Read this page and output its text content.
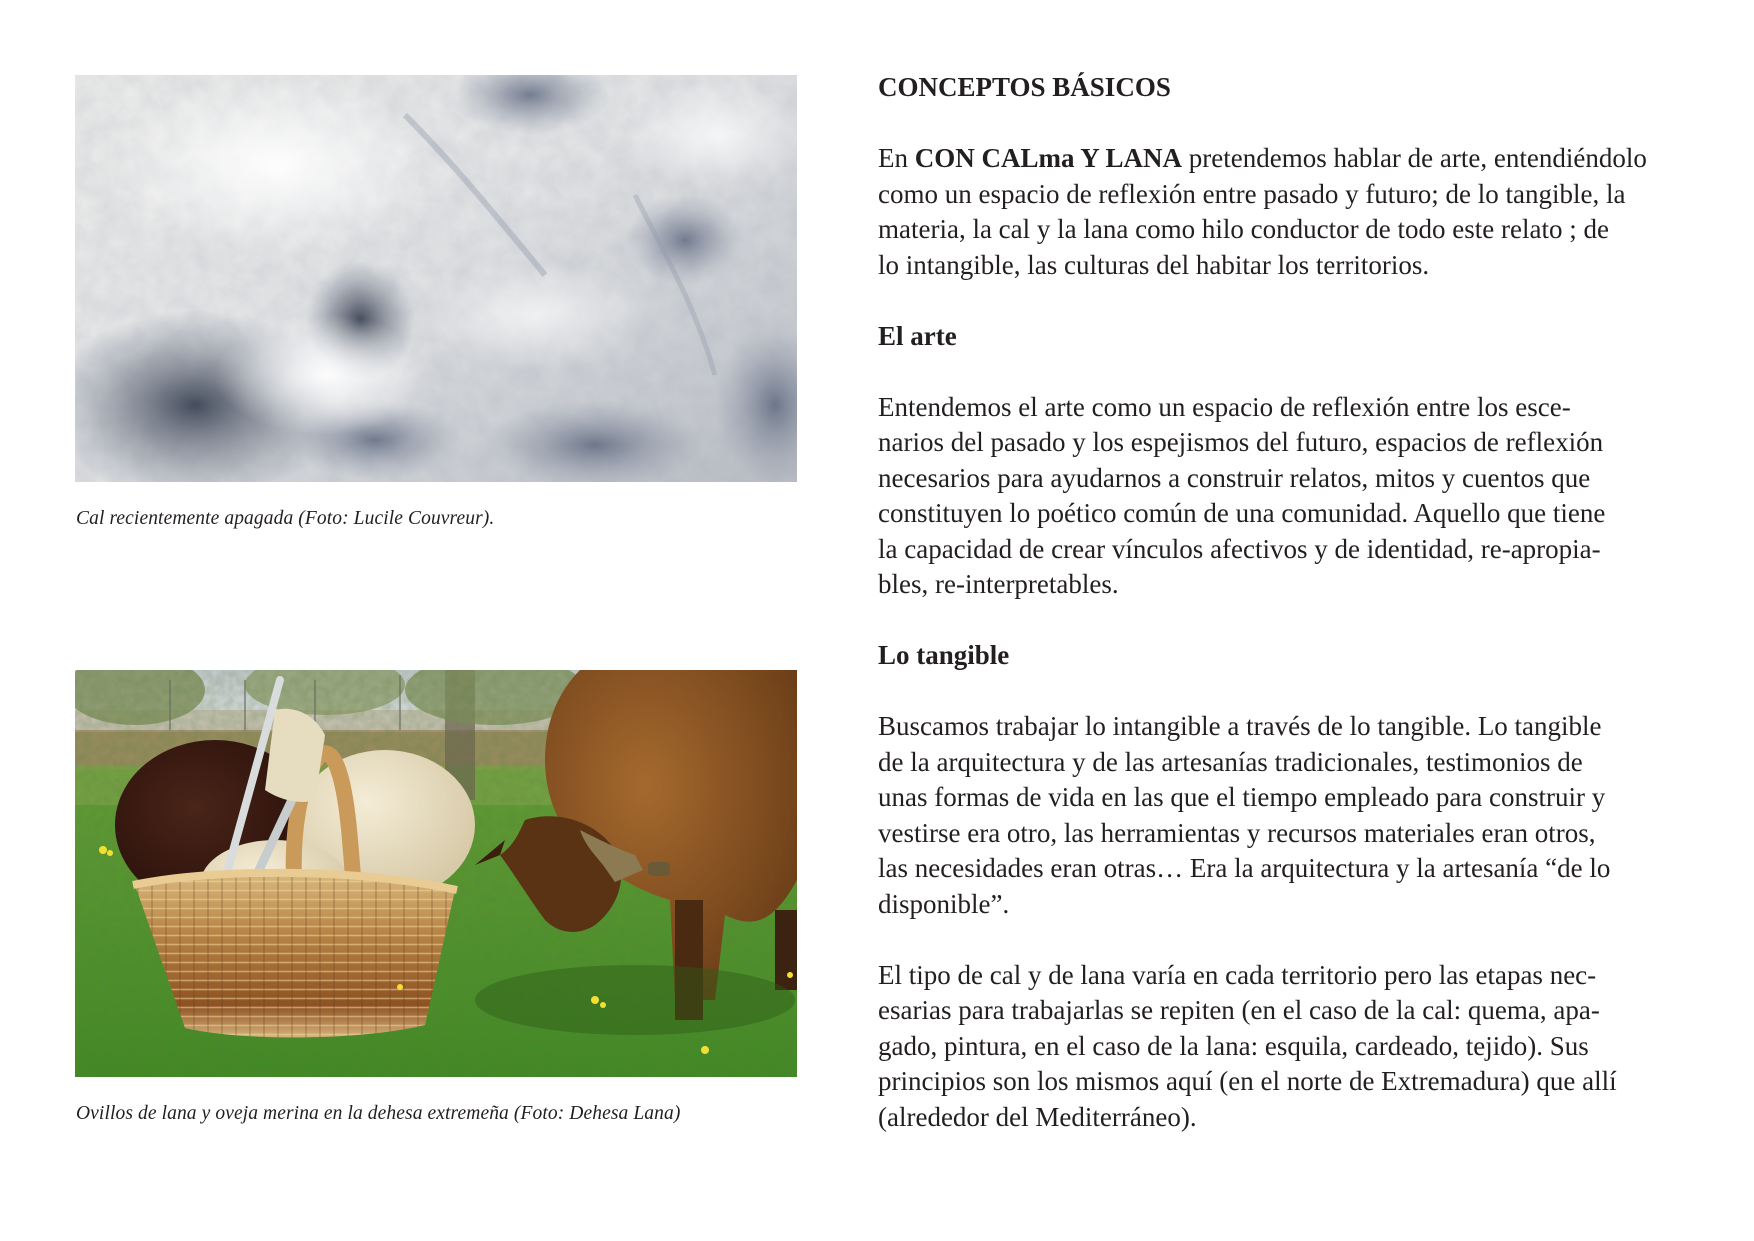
Cal recientemente apagada (Foto: Lucile Couvreur).
Ovillos de lana y oveja merina en la dehesa extremeña (Foto: Dehesa Lana)
CONCEPTOS BÁSICOS

En CON CALma Y LANA pretendemos hablar de arte, entendiéndolo
como un espacio de reflexión entre pasado y futuro; de lo tangible, la
materia, la cal y la lana como hilo conductor de todo este relato ; de
lo intangible, las culturas del habitar los territorios.

El arte

Entendemos el arte como un espacio de reflexión entre los esce-
narios del pasado y los espejismos del futuro, espacios de reflexión
necesarios para ayudarnos a construir relatos, mitos y cuentos que
constituyen lo poético común de una comunidad. Aquello que tiene
la capacidad de crear vínculos afectivos y de identidad, re-apropia-
bles, re-interpretables.

Lo tangible

Buscamos trabajar lo intangible a través de lo tangible. Lo tangible
de la arquitectura y de las artesanías tradicionales, testimonios de
unas formas de vida en las que el tiempo empleado para construir y
vestirse era otro, las herramientas y recursos materiales eran otros,
las necesidades eran otras… Era la arquitectura y la artesanía “de lo
disponible”.

El tipo de cal y de lana varía en cada territorio pero las etapas nec-
esarias para trabajarlas se repiten (en el caso de la cal: quema, apa-
gado, pintura, en el caso de la lana: esquila, cardeado, tejido). Sus
principios son los mismos aquí (en el norte de Extremadura) que allí
(alrededor del Mediterráneo).
